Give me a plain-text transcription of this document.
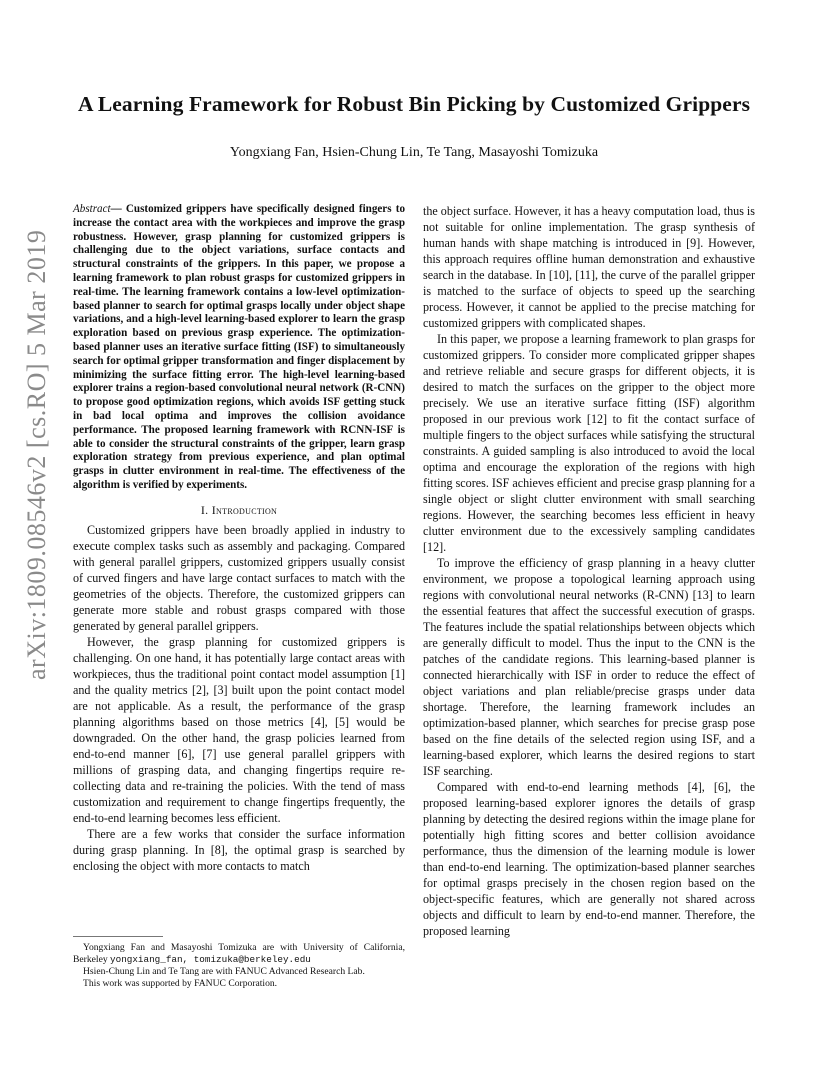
A Learning Framework for Robust Bin Picking by Customized Grippers
Yongxiang Fan, Hsien-Chung Lin, Te Tang, Masayoshi Tomizuka
arXiv:1809.08546v2 [cs.RO] 5 Mar 2019
Abstract— Customized grippers have specifically designed fingers to increase the contact area with the workpieces and improve the grasp robustness. However, grasp planning for customized grippers is challenging due to the object variations, surface contacts and structural constraints of the grippers. In this paper, we propose a learning framework to plan robust grasps for customized grippers in real-time. The learning framework contains a low-level optimization-based planner to search for optimal grasps locally under object shape variations, and a high-level learning-based explorer to learn the grasp exploration based on previous grasp experience. The optimization-based planner uses an iterative surface fitting (ISF) to simultaneously search for optimal gripper transformation and finger displacement by minimizing the surface fitting error. The high-level learning-based explorer trains a region-based convolutional neural network (R-CNN) to propose good optimization regions, which avoids ISF getting stuck in bad local optima and improves the collision avoidance performance. The proposed learning framework with RCNN-ISF is able to consider the structural constraints of the gripper, learn grasp exploration strategy from previous experience, and plan optimal grasps in clutter environment in real-time. The effectiveness of the algorithm is verified by experiments.
I. Introduction

Customized grippers have been broadly applied in industry to execute complex tasks such as assembly and packaging. Compared with general parallel grippers, customized grippers usually consist of curved fingers and have large contact surfaces to match with the geometries of the objects. Therefore, the customized grippers can generate more stable and robust grasps compared with those generated by general parallel grippers.

However, the grasp planning for customized grippers is challenging. On one hand, it has potentially large contact areas with workpieces, thus the traditional point contact model assumption [1] and the quality metrics [2], [3] built upon the point contact model are not applicable. As a result, the performance of the grasp planning algorithms based on those metrics [4], [5] would be downgraded. On the other hand, the grasp policies learned from end-to-end manner [6], [7] use general parallel grippers with millions of grasping data, and changing fingertips require re-collecting data and re-training the policies. With the tend of mass customization and requirement to change fingertips frequently, the end-to-end learning becomes less efficient.

There are a few works that consider the surface information during grasp planning. In [8], the optimal grasp is searched by enclosing the object with more contacts to match

Yongxiang Fan and Masayoshi Tomizuka are with University of California, Berkeley yongxiang_fan, tomizuka@berkeley.edu

Hsien-Chung Lin and Te Tang are with FANUC Advanced Research Lab.

This work was supported by FANUC Corporation.

the object surface. However, it has a heavy computation load, thus is not suitable for online implementation. The grasp synthesis of human hands with shape matching is introduced in [9]. However, this approach requires offline human demonstration and exhaustive search in the database. In [10], [11], the curve of the parallel gripper is matched to the surface of objects to speed up the searching process. However, it cannot be applied to the precise matching for customized grippers with complicated shapes.

In this paper, we propose a learning framework to plan grasps for customized grippers. To consider more complicated gripper shapes and retrieve reliable and secure grasps for different objects, it is desired to match the surfaces on the gripper to the object more precisely. We use an iterative surface fitting (ISF) algorithm proposed in our previous work [12] to fit the contact surface of multiple fingers to the object surfaces while satisfying the structural constraints. A guided sampling is also introduced to avoid the local optima and encourage the exploration of the regions with high fitting scores. ISF achieves efficient and precise grasp planning for a single object or slight clutter environment with small searching regions. However, the searching becomes less efficient in heavy clutter environment due to the excessively sampling candidates [12].

To improve the efficiency of grasp planning in a heavy clutter environment, we propose a topological learning approach using regions with convolutional neural networks (R-CNN) [13] to learn the essential features that affect the successful execution of grasps. The features include the spatial relationships between objects which are generally difficult to model. Thus the input to the CNN is the patches of the candidate regions. This learning-based planner is connected hierarchically with ISF in order to reduce the effect of object variations and plan reliable/precise grasps under data shortage. Therefore, the learning framework includes an optimization-based planner, which searches for precise grasp pose based on the fine details of the selected region using ISF, and a learning-based explorer, which learns the desired regions to start ISF searching.

Compared with end-to-end learning methods [4], [6], the proposed learning-based explorer ignores the details of grasp planning by detecting the desired regions within the image plane for potentially high fitting scores and better collision avoidance performance, thus the dimension of the learning module is lower than end-to-end learning. The optimization-based planner searches for optimal grasps precisely in the chosen region based on the object-specific features, which are generally not shared across objects and difficult to learn by end-to-end manner. Therefore, the proposed learning
